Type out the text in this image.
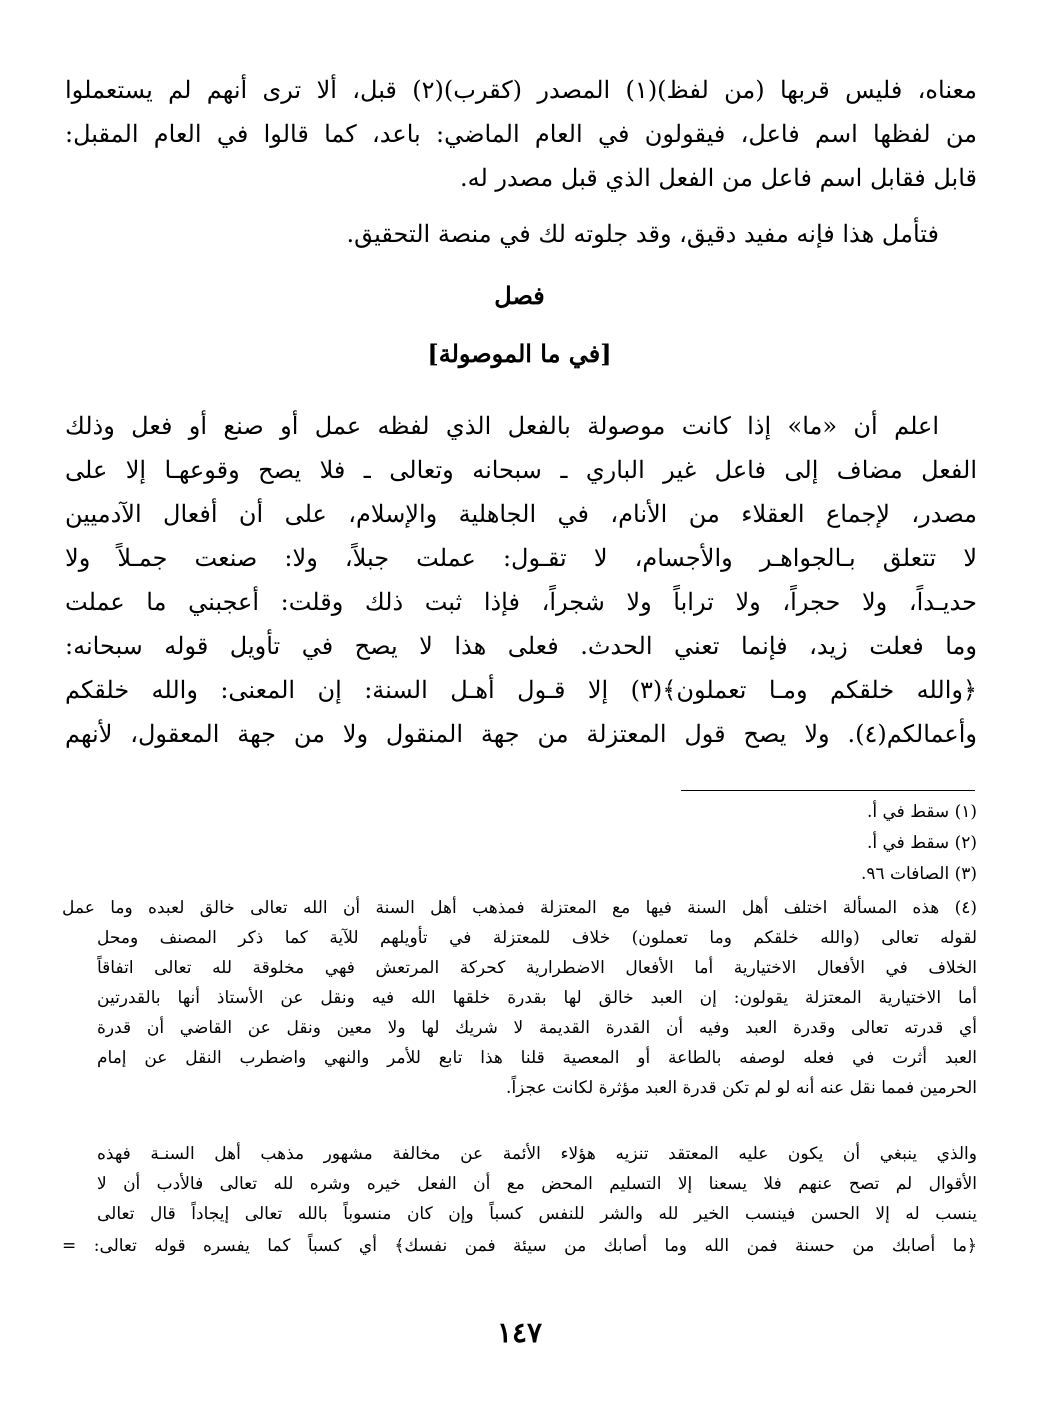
معناه، فليس قربها (من لفظ)(١) المصدر (كقرب)(٢) قبل، ألا ترى أنهم لم يستعملوا
من لفظها اسم فاعل، فيقولون في العام الماضي: باعد، كما قالوا في العام المقبل:
قابل فقابل اسم فاعل من الفعل الذي قبل مصدر له.
فتأمل هذا فإنه مفيد دقيق، وقد جلوته لك في منصة التحقيق.
فصل
[في ما الموصولة]
اعلم أن «ما» إذا كانت موصولة بالفعل الذي لفظه عمل أو صنع أو فعل وذلك
الفعل مضاف إلى فاعل غير الباري ـ سبحانه وتعالى ـ فلا يصح وقوعهـا إلا على
مصدر، لإجماع العقلاء من الأنام، في الجاهلية والإسلام، على أن أفعال الآدميين
لا تتعلق بـالجواهـر والأجسام، لا تقـول: عملت جبلاً، ولا: صنعت جمـلاً ولا
حديـداً، ولا حجراً، ولا تراباً ولا شجراً، فإذا ثبت ذلك وقلت: أعجبني ما عملت
وما فعلت زيد، فإنما تعني الحدث. فعلى هذا لا يصح في تأويل قوله سبحانه:
﴿والله خلقكم ومـا تعملون﴾(٣) إلا قـول أهـل السنة: إن المعنى: والله خلقكم
وأعمالكم(٤). ولا يصح قول المعتزلة من جهة المنقول ولا من جهة المعقول، لأنهم
(١) سقط في أ.
(٢) سقط في أ.
(٣) الصافات ٩٦.
(٤) هذه المسألة اختلف أهل السنة فيها مع المعتزلة فمذهب أهل السنة أن الله تعالى خالق لعبده وما عمل
لقوله تعالى (والله خلقكم وما تعملون) خلاف للمعتزلة في تأويلهم للآية كما ذكر المصنف ومحل
الخلاف في الأفعال الاختيارية أما الأفعال الاضطرارية كحركة المرتعش فهي مخلوقة لله تعالى اتفاقاً
أما الاختيارية المعتزلة يقولون: إن العبد خالق لها بقدرة خلقها الله فيه ونقل عن الأستاذ أنها بالقدرتين
أي قدرته تعالى وقدرة العبد وفيه أن القدرة القديمة لا شريك لها ولا معين ونقل عن القاضي أن قدرة
العبد أثرت في فعله لوصفه بالطاعة أو المعصية قلنا هذا تابع للأمر والنهي واضطرب النقل عن إمام
الحرمين فمما نقل عنه أنه لو لم تكن قدرة العبد مؤثرة لكانت عجزاً.
والذي ينبغي أن يكون عليه المعتقد تنزيه هؤلاء الأئمة عن مخالفة مشهور مذهب أهل السنـة فهذه
الأقوال لم تصح عنهم فلا يسعنا إلا التسليم المحض مع أن الفعل خيره وشره لله تعالى فالأدب أن لا
ينسب له إلا الحسن فينسب الخير لله والشر للنفس كسباً وإن كان منسوباً بالله تعالى إيجاداً قال تعالى
﴿ما أصابك من حسنة فمن الله وما أصابك من سيئة فمن نفسك﴾ أي كسباً كما يفسره قوله تعالى: =
١٤٧
